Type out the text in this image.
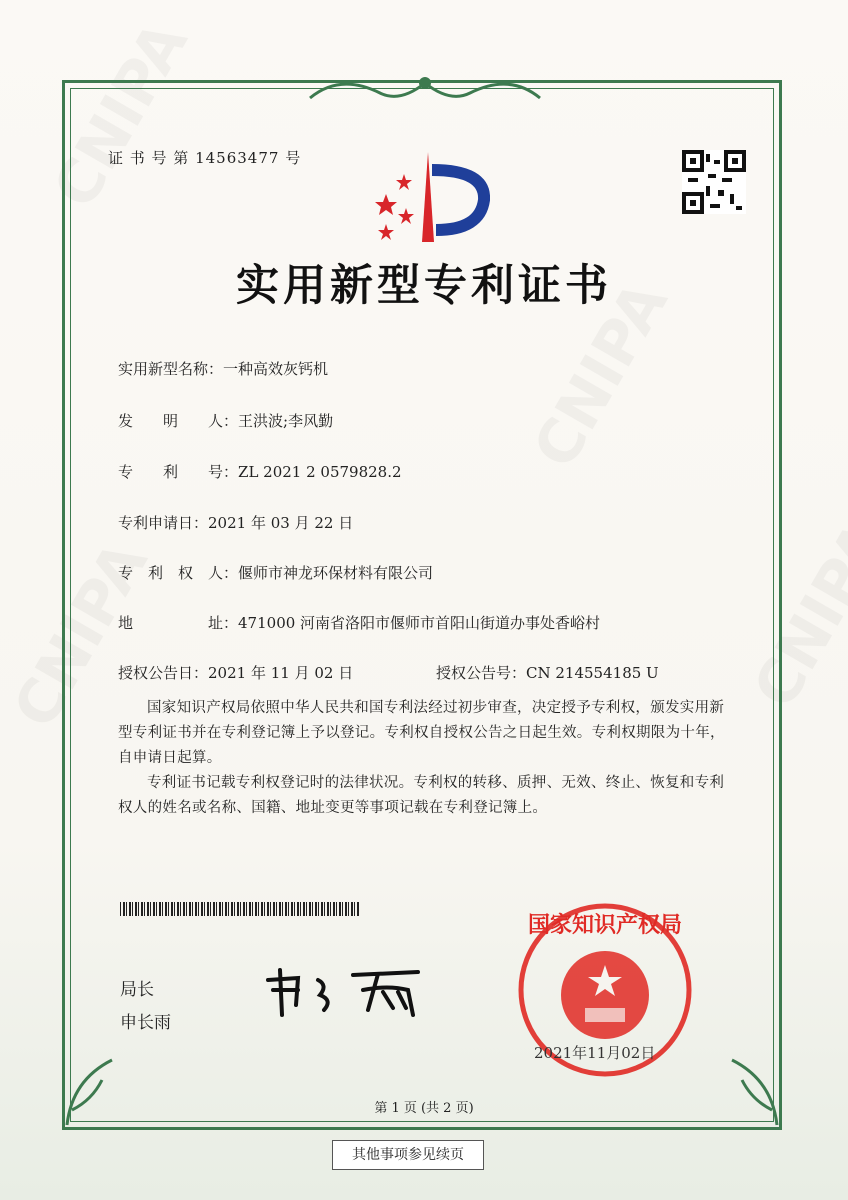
证 书 号 第 14563477 号
实用新型专利证书
实用新型名称：一种高效灰钙机
发　　明　　人：王洪波;李风勤
专　　利　　号：ZL 2021 2 0579828.2
专利申请日：2021 年 03 月 22 日
专　利　权　人：偃师市神龙环保材料有限公司
地　　　　　址：471000 河南省洛阳市偃师市首阳山街道办事处香峪村
授权公告日：2021 年 11 月 02 日	授权公告号：CN 214554185 U

国家知识产权局依照中华人民共和国专利法经过初步审查，决定授予专利权，颁发实用新型专利证书并在专利登记簿上予以登记。专利权自授权公告之日起生效。专利权期限为十年，自申请日起算。

专利证书记载专利权登记时的法律状况。专利权的转移、质押、无效、终止、恢复和专利权人的姓名或名称、国籍、地址变更等事项记载在专利登记簿上。

局长
申长雨
国家知识产权局
2021年11月02日
第 1 页 (共 2 页)
其他事项参见续页
